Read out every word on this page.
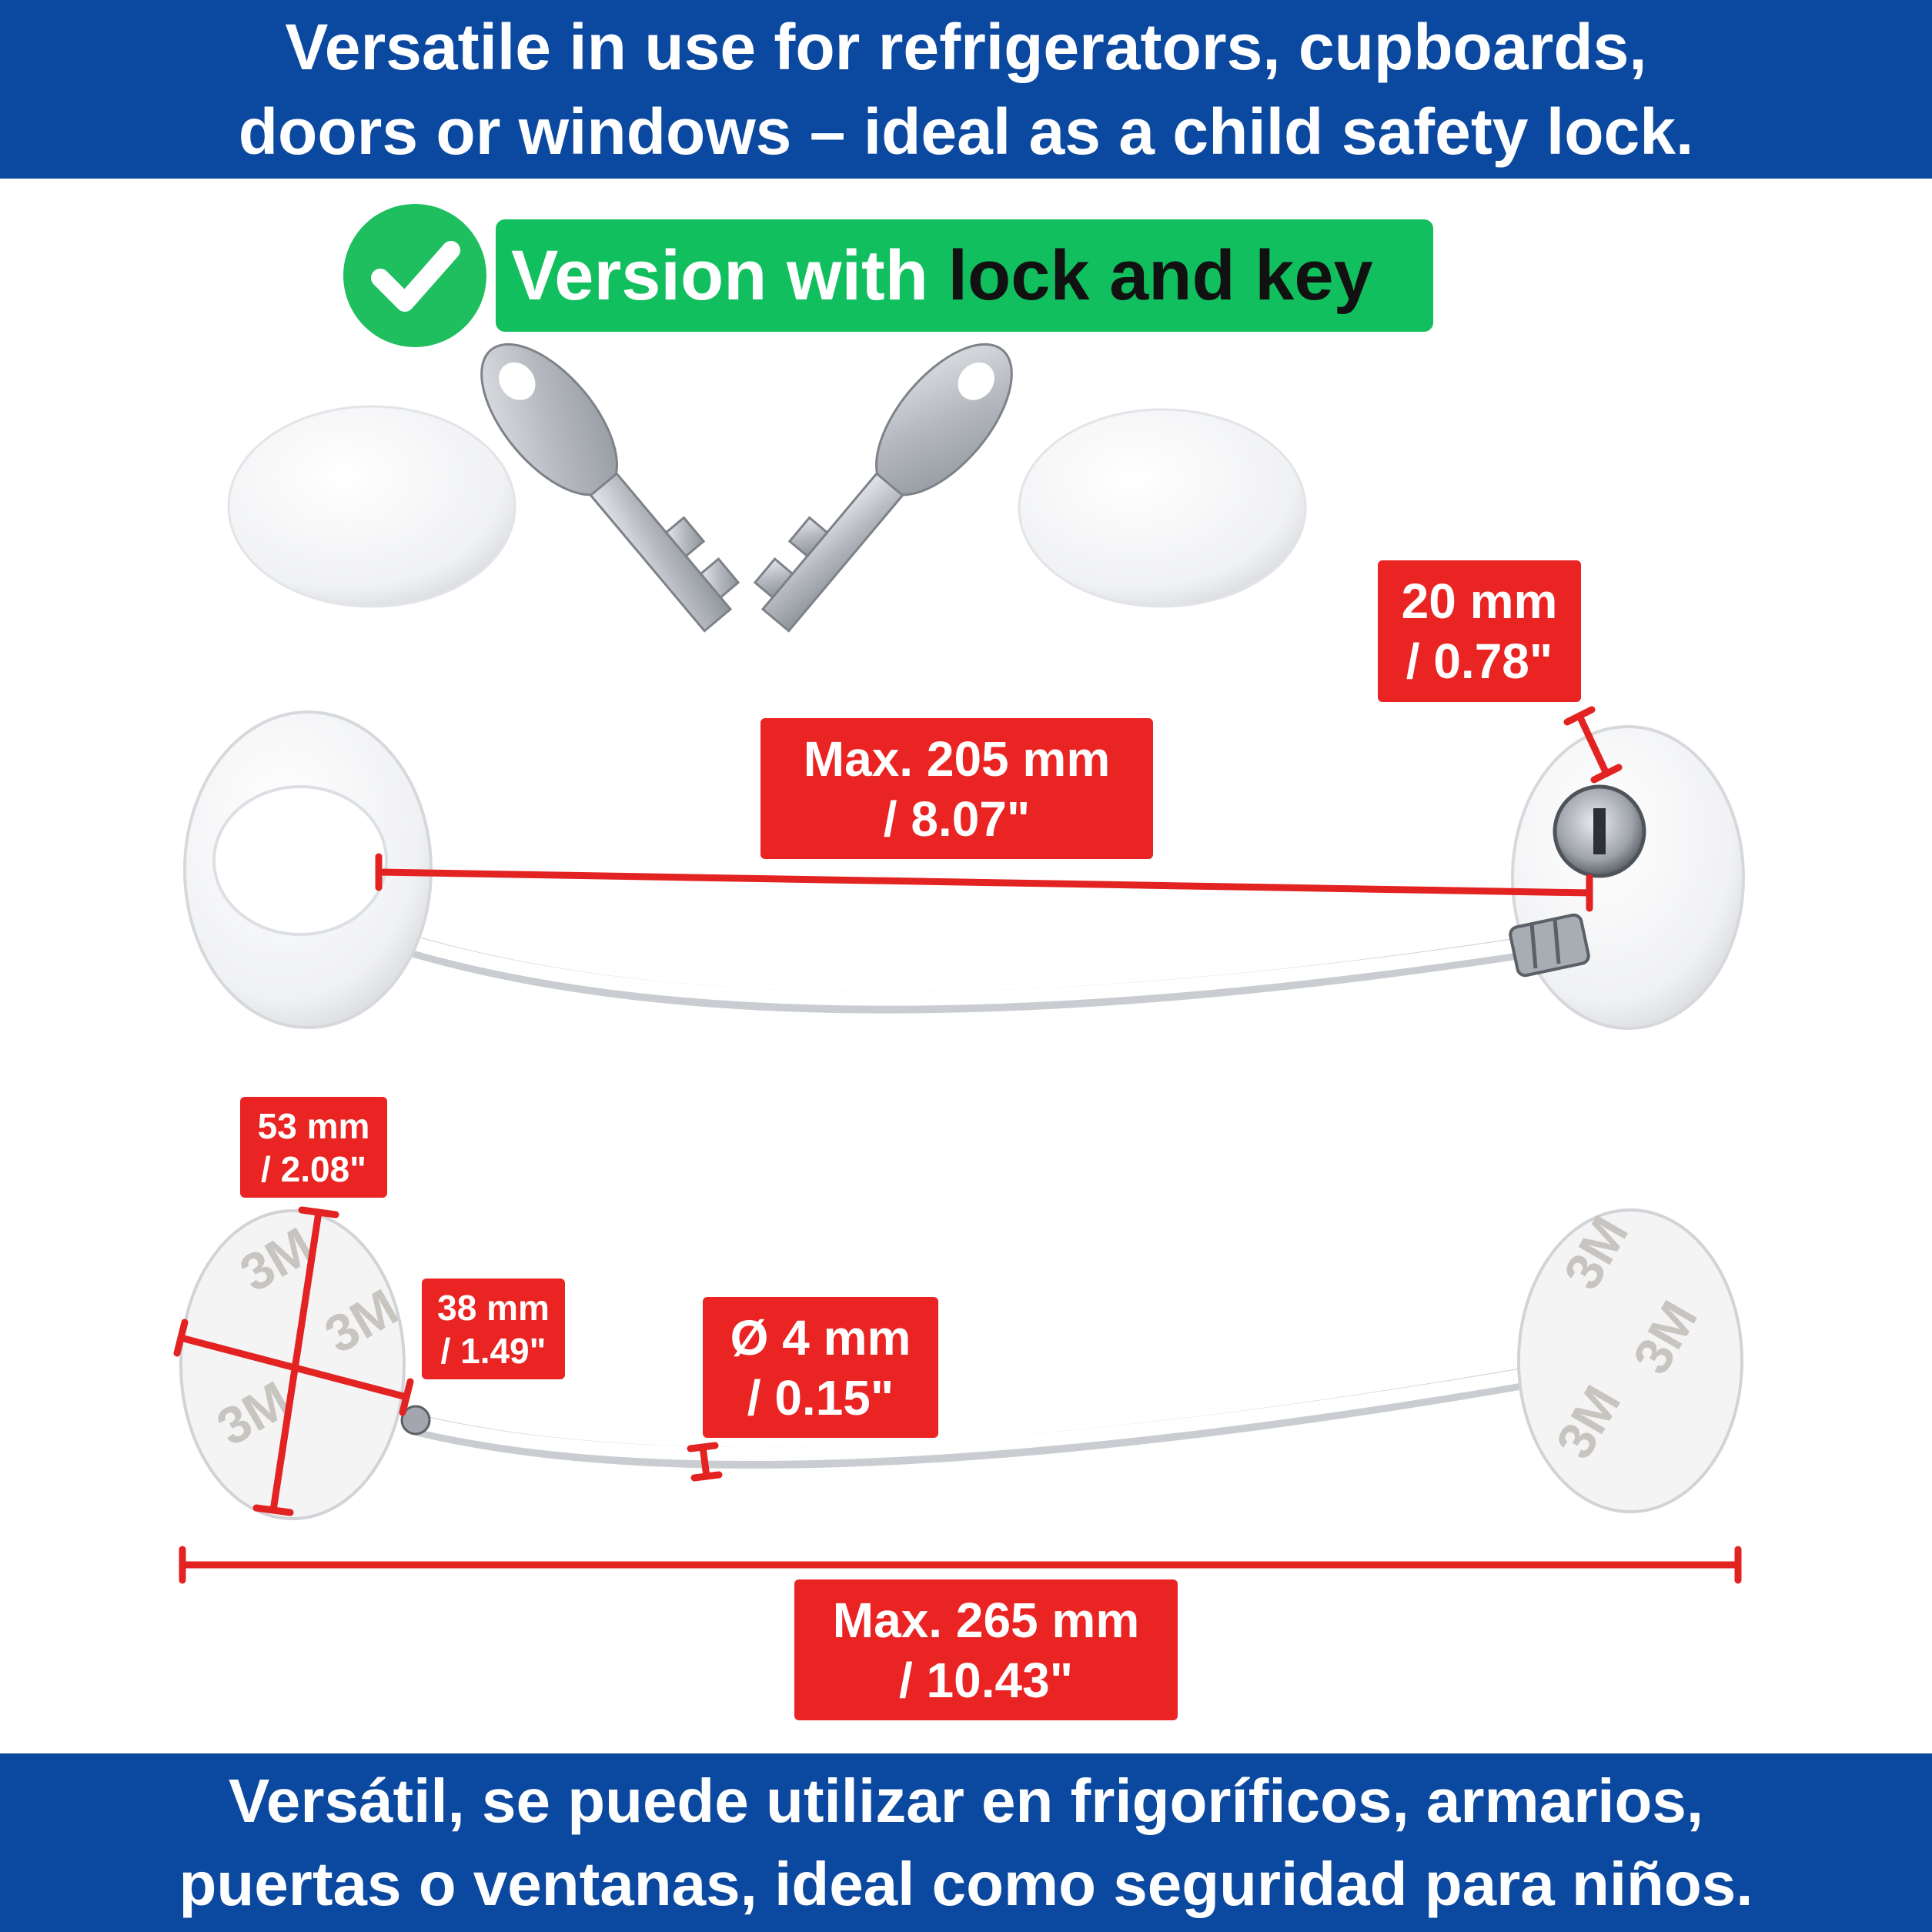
Versatile in use for refrigerators, cupboards,
doors or windows – ideal as a child safety lock.
Version with lock and key
3M
3M
3M
3M
3M
3M
Max. 205 mm
/ 8.07"
20 mm
/ 0.78"
53 mm
/ 2.08"
38 mm
/ 1.49"	Ø 4 mm
/ 0.15"
Max. 265 mm
/ 10.43"
Versátil, se puede utilizar en frigoríficos, armarios,
puertas o ventanas, ideal como seguridad para niños.
